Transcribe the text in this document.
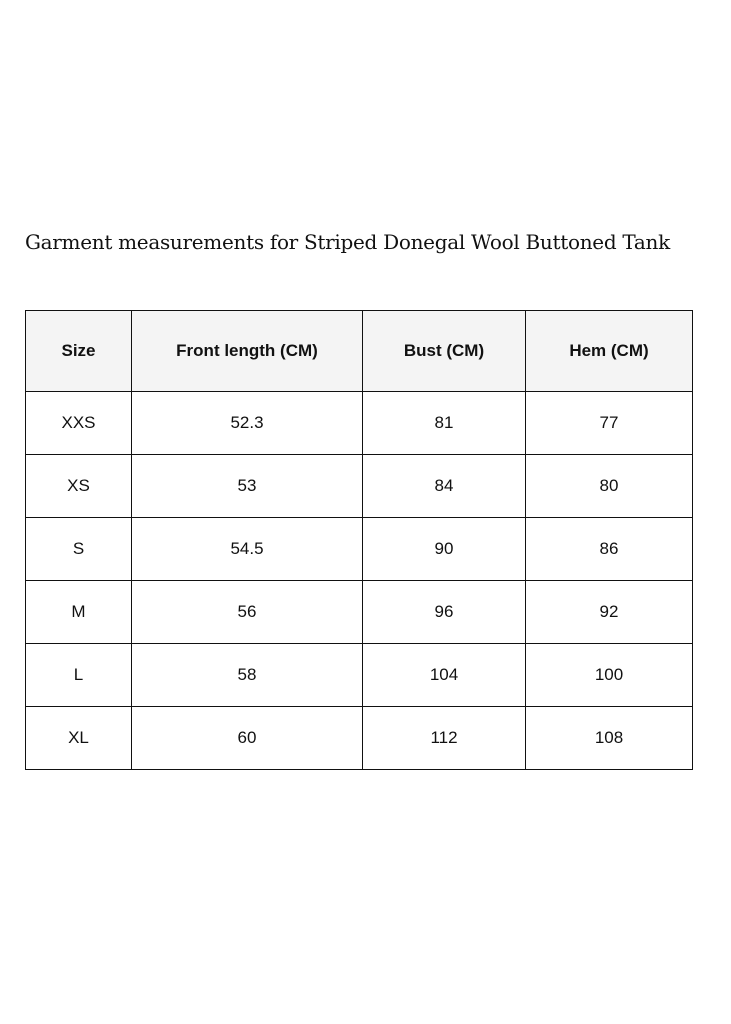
Garment measurements for Striped Donegal Wool Buttoned Tank
Size	Front length (CM)	Bust (CM)	Hem (CM)
XXS	52.3	81	77
XS	53	84	80
S	54.5	90	86
M	56	96	92
L	58	104	100
XL	60	112	108
